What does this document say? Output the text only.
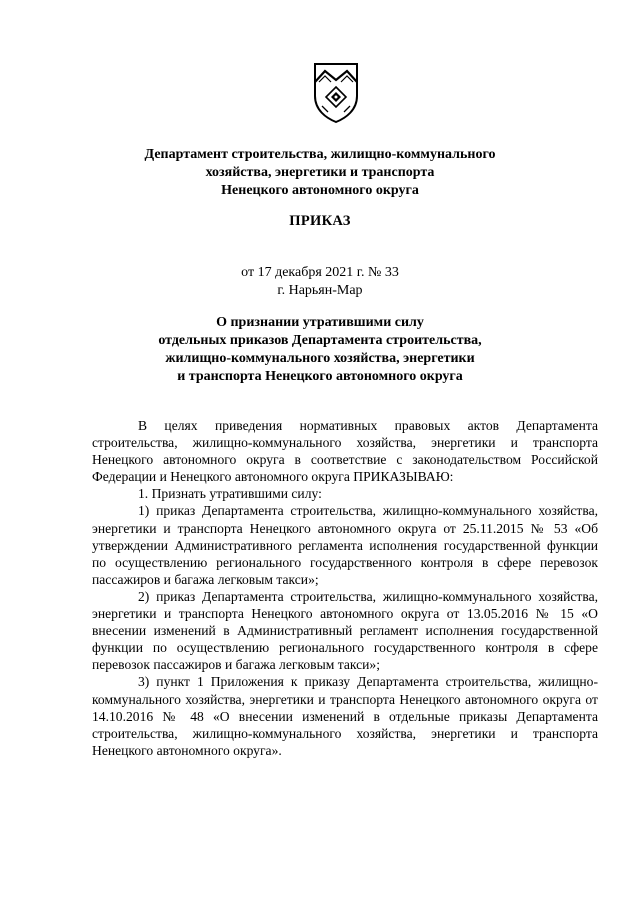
Департамент строительства, жилищно-коммунального
хозяйства, энергетики и транспорта
Ненецкого автономного округа
ПРИКАЗ
от 17 декабря 2021 г. № 33
г. Нарьян-Мар
О признании утратившими силу
отдельных приказов Департамента строительства,
жилищно-коммунального хозяйства, энергетики
и транспорта Ненецкого автономного округа

В целях приведения нормативных правовых актов Департамента строительства, жилищно-коммунального хозяйства, энергетики и транспорта Ненецкого автономного округа в соответствие с законодательством Российской Федерации и Ненецкого автономного округа ПРИКАЗЫВАЮ:

1. Признать утратившими силу:

1) приказ Департамента строительства, жилищно-коммунального хозяйства, энергетики и транспорта Ненецкого автономного округа от 25.11.2015 № 53 «Об утверждении Административного регламента исполнения государственной функции по осуществлению регионального государственного контроля в сфере перевозок пассажиров и багажа легковым такси»;

2) приказ Департамента строительства, жилищно-коммунального хозяйства, энергетики и транспорта Ненецкого автономного округа от 13.05.2016 № 15 «О внесении изменений в Административный регламент исполнения государственной функции по осуществлению регионального государственного контроля в сфере перевозок пассажиров и багажа легковым такси»;

3) пункт 1 Приложения к приказу Департамента строительства, жилищно-коммунального хозяйства, энергетики и транспорта Ненецкого автономного округа от 14.10.2016 № 48 «О внесении изменений в отдельные приказы Департамента строительства, жилищно-коммунального хозяйства, энергетики и транспорта Ненецкого автономного округа».
